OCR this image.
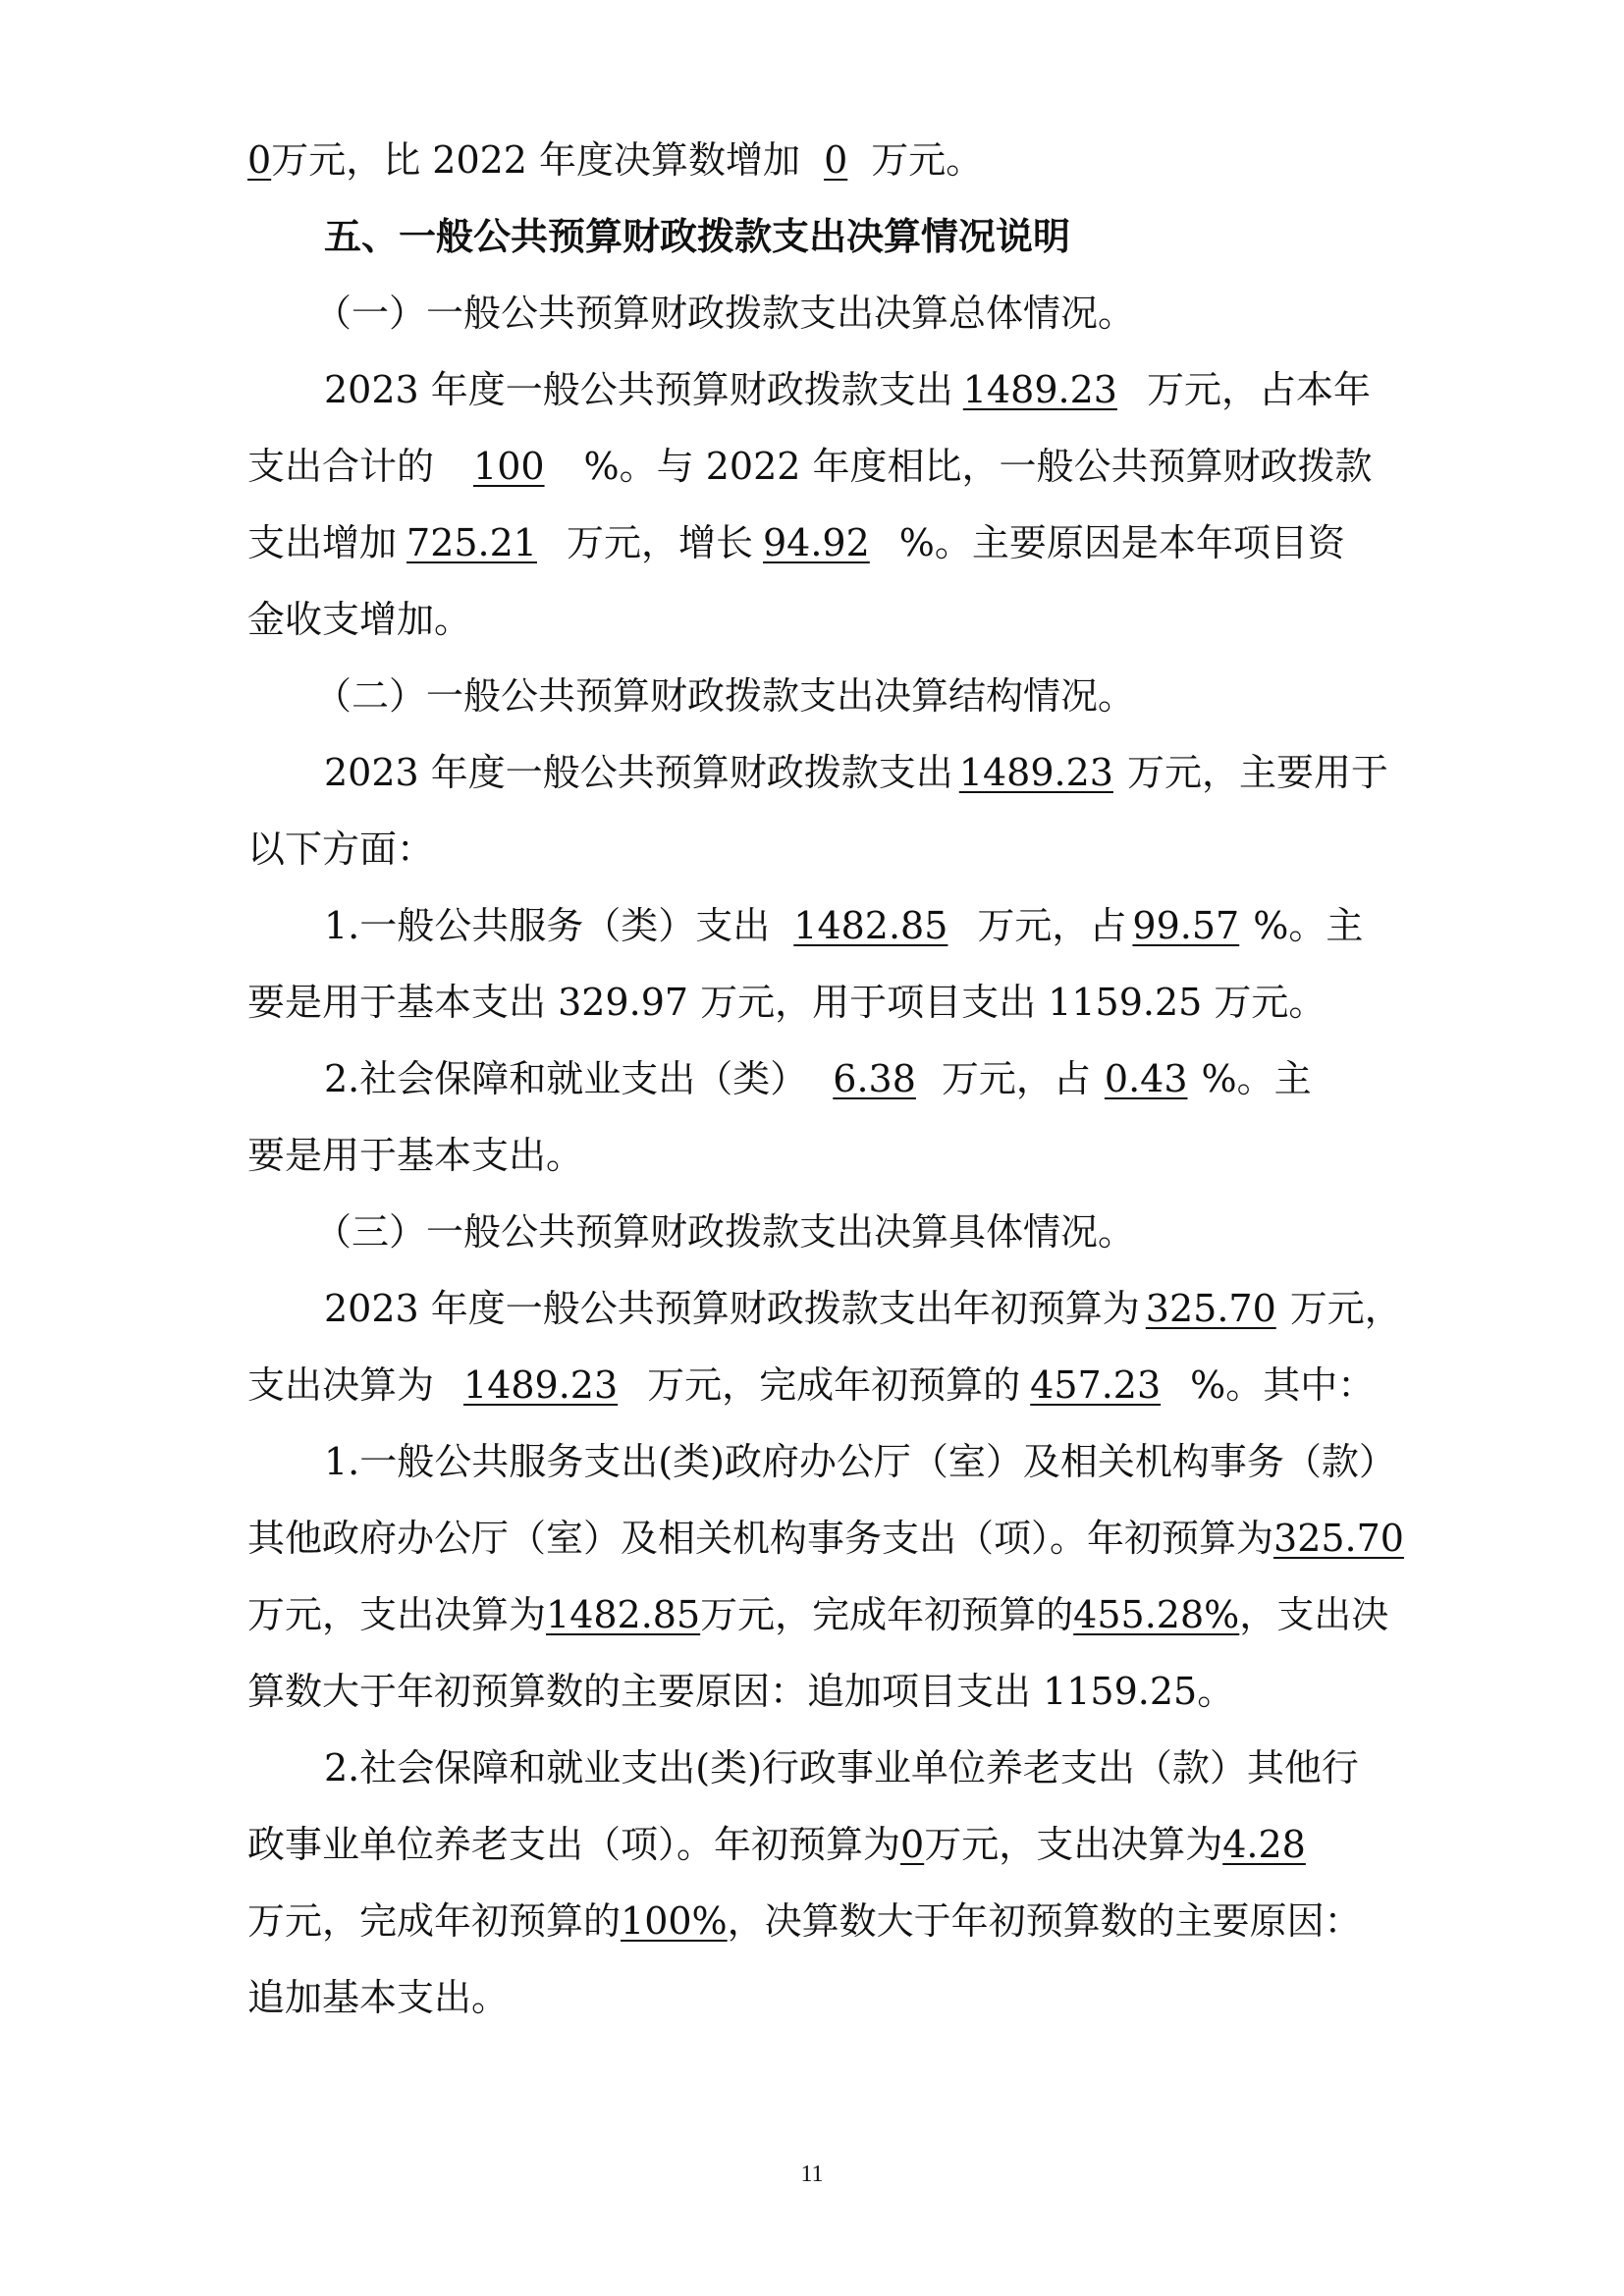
0万元，比 2022 年度决算数增加 0 万元。
五、一般公共预算财政拨款支出决算情况说明
（一）一般公共预算财政拨款支出决算总体情况。
2023 年度一般公共预算财政拨款支出 1489.23 万元，占本年
支出合计的 100 %。与 2022 年度相比，一般公共预算财政拨款
支出增加 725.21 万元，增长 94.92 %。主要原因是本年项目资
金收支增加。
（二）一般公共预算财政拨款支出决算结构情况。
2023 年度一般公共预算财政拨款支出 1489.23 万元，主要用于
以下方面：
1.一般公共服务（类）支出 1482.85 万元，占 99.57 %。主
要是用于基本支出 329.97 万元，用于项目支出 1159.25 万元。
2.社会保障和就业支出（类） 6.38 万元，占 0.43 %。主
要是用于基本支出。
（三）一般公共预算财政拨款支出决算具体情况。
2023 年度一般公共预算财政拨款支出年初预算为 325.70 万元，
支出决算为 1489.23 万元，完成年初预算的 457.23 %。其中：
1.一般公共服务支出(类)政府办公厅（室）及相关机构事务（款）
其他政府办公厅（室）及相关机构事务支出（项）。年初预算为325.70
万元，支出决算为1482.85万元，完成年初预算的455.28%，支出决
算数大于年初预算数的主要原因：追加项目支出 1159.25。
2.社会保障和就业支出(类)行政事业单位养老支出（款）其他行
政事业单位养老支出（项）。年初预算为0万元，支出决算为4.28
万元，完成年初预算的100%，决算数大于年初预算数的主要原因：
追加基本支出。
11
